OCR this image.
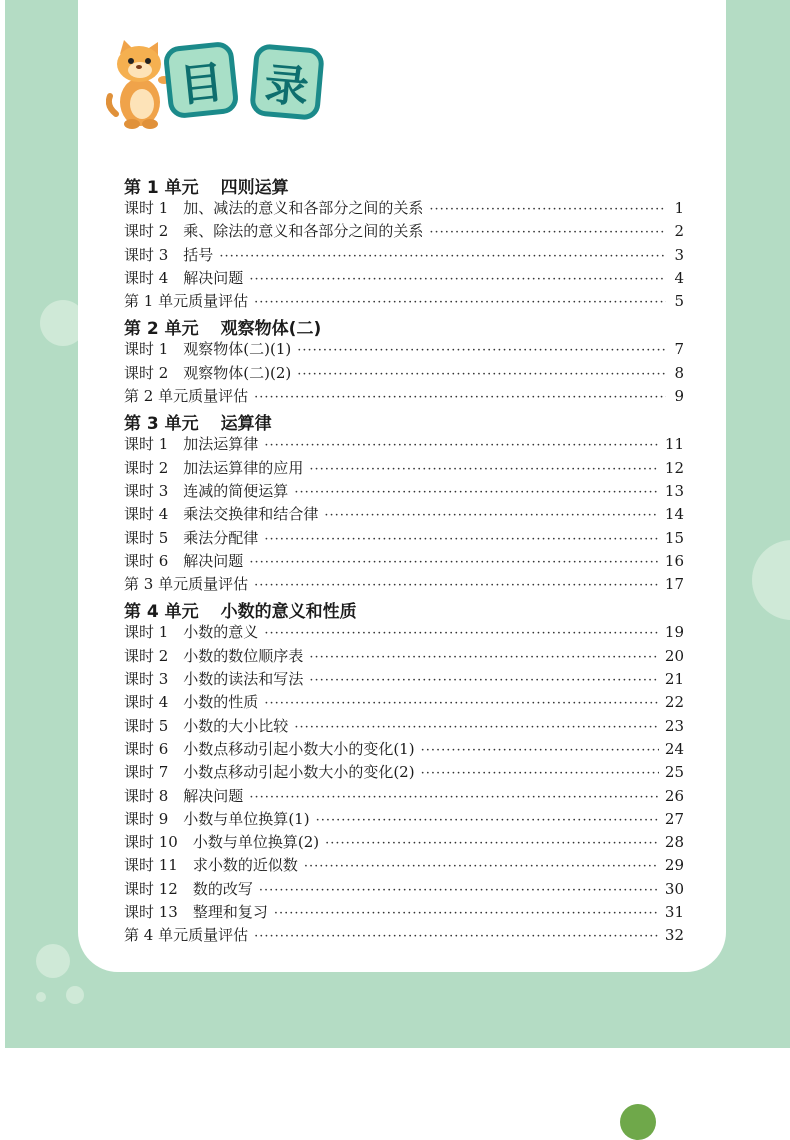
目 录
第 1 单元 四则运算
课时 1　加、减法的意义和各部分之间的关系 ·····	1
课时 2　乘、除法的意义和各部分之间的关系 ·····	2
课时 3　括号 ·····	3
课时 4　解决问题 ·····	4
第 1 单元质量评估 ·····	5
第 2 单元 观察物体(二)
课时 1　观察物体(二)(1) ·····	7
课时 2　观察物体(二)(2) ·····	8
第 2 单元质量评估 ·····	9
第 3 单元 运算律
课时 1　加法运算律 ·····	11
课时 2　加法运算律的应用 ·····	12
课时 3　连减的简便运算 ·····	13
课时 4　乘法交换律和结合律 ·····	14
课时 5　乘法分配律 ·····	15
课时 6　解决问题 ·····	16
第 3 单元质量评估 ·····	17
第 4 单元 小数的意义和性质
课时 1　小数的意义 ·····	19
课时 2　小数的数位顺序表 ·····	20
课时 3　小数的读法和写法 ·····	21
课时 4　小数的性质 ·····	22
课时 5　小数的大小比较 ·····	23
课时 6　小数点移动引起小数大小的变化(1) ·····	24
课时 7　小数点移动引起小数大小的变化(2) ·····	25
课时 8　解决问题 ·····	26
课时 9　小数与单位换算(1) ·····	27
课时 10　小数与单位换算(2) ·····	28
课时 11　求小数的近似数 ·····	29
课时 12　数的改写 ·····	30
课时 13　整理和复习 ·····	31
第 4 单元质量评估 ·····	32
